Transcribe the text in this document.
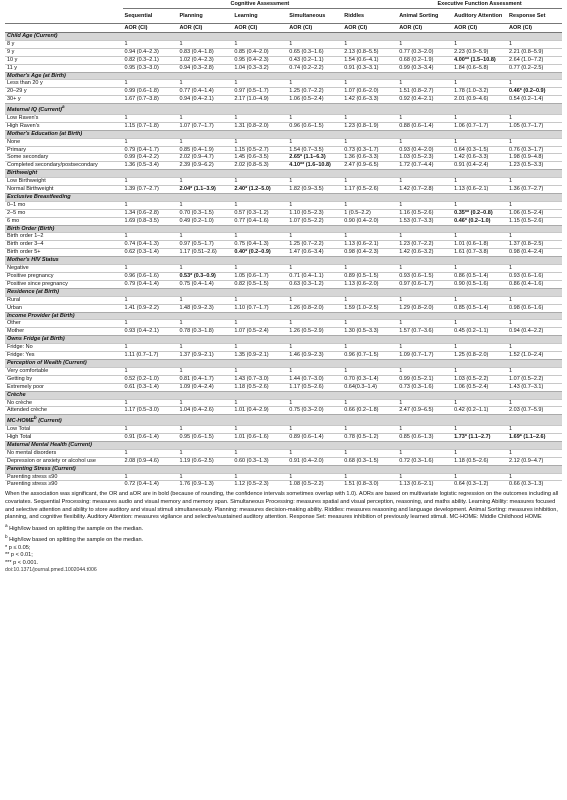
	Cognitive Assessment					Executive Function Assessment		
	Sequential	Planning	Learning	Simultaneous	Riddles	Animal Sorting	Auditory Attention	Response Set
	AOR (CI)	AOR (CI)	AOR (CI)	AOR (CI)	AOR (CI)	AOR (CI)	AOR (CI)	AOR (CI)
Child Age (Current)								
8 y	1	1	1	1	1	1	1	1
9 y	0.94 (0.4–2.3)	0.83 (0.4–1.8)	0.85 (0.4–2.0)	0.65 (0.3–1.6)	2.13 (0.8–5.5)	0.77 (0.3–2.0)	2.23 (0.9–5.9)	2.21 (0.8–5.9)
10 y	0.82 (0.3–2.1)	1.02 (0.4–2.3)	0.95 (0.4–2.3)	0.43 (0.2–1.1)	1.54 (0.6–4.1)	0.68 (0.2–1.9)	4.00** (1.5–10.8)	2.64 (1.0–7.2)
11 y	0.95 (0.3–3.0)	0.94 (0.3–2.8)	1.04 (0.3–3.2)	0.74 (0.2–2.2)	0.91 (0.3–3.1)	0.99 (0.3–3.4)	1.84 (0.6–5.8)	0.77 (0.2–2.5)
Mother's Age (at Birth)								
Less than 20 y	1	1	1	1	1	1	1	1
20–29 y	0.99 (0.6–1.8)	0.77 (0.4–1.4)	0.97 (0.5–1.7)	1.25 (0.7–2.2)	1.07 (0.6–2.0)	1.51 (0.8–2.7)	1.78 (1.0–3.2)	0.46* (0.2–0.9)
30+ y	1.67 (0.7–3.8)	0.94 (0.4–2.1)	2.17 (1.0–4.9)	1.06 (0.5–2.4)	1.42 (0.6–3.3)	0.92 (0.4–2.1)	2.01 (0.9–4.6)	0.54 (0.2–1.4)
Maternal IQ (Current)$^a$
Low Raven's	1	1	1	1	1	1	1	1
High Raven's	1.15 (0.7–1.8)	1.07 (0.7–1.7)	1.31 (0.8–2.0)	0.96 (0.6–1.5)	1.23 (0.8–1.9)	0.88 (0.6–1.4)	1.06 (0.7–1.7)	1.05 (0.7–1.7)
Mother's Education (at Birth)								
None	1	1	1	1	1	1	1	1
Primary	0.79 (0.4–1.7)	0.85 (0.4–1.9)	1.15 (0.5–2.7)	1.54 (0.7–3.5)	0.73 (0.3–1.7)	0.93 (0.4–2.0)	0.64 (0.3–1.5)	0.76 (0.3–1.7)
Some secondary	0.99 (0.4–2.2)	2.02 (0.9–4.7)	1.45 (0.6–3.5)	2.65* (1.1–6.3)	1.36 (0.6–3.3)	1.03 (0.5–2.3)	1.42 (0.6–3.3)	1.98 (0.9–4.8)
Completed secondary/postsecondary	1.36 (0.5–3.4)	2.39 (0.9–6.2)	2.02 (0.8–5.3)	4.10** (1.6–10.8)	2.47 (0.9–6.5)	1.72 (0.7–4.4)	0.91 (0.4–2.4)	1.23 (0.5–3.3)
Birthweight								
Low Birthweight	1	1	1	1	1	1	1	1
Normal Birthweight	1.39 (0.7–2.7)	2.04* (1.1–3.9)	2.40* (1.2–5.0)	1.82 (0.9–3.5)	1.17 (0.5–2.6)	1.42 (0.7–2.8)	1.13 (0.6–2.1)	1.36 (0.7–2.7)
Exclusive Breastfeeding								
0–1 mo	1	1	1	1	1	1	1	1
2–5 mo	1.34 (0.6–2.8)	0.70 (0.3–1.5)	0.57 (0.3–1.2)	1.10 (0.5–2.3)	1 (0.5–2.2)	1.16 (0.5–2.6)	0.35** (0.2–0.8)	1.06 (0.5–2.4)
6 mo	1.69 (0.8–3.5)	0.49 (0.2–1.0)	0.77 (0.4–1.6)	1.07 (0.5–2.2)	0.90 (0.4–2.0)	1.53 (0.7–3.3)	0.46* (0.2–1.0)	1.15 (0.5–2.6)
Birth Order (Birth)								
Birth order 1–2	1	1	1	1	1	1	1	1
Birth order 3–4	0.74 (0.4–1.3)	0.97 (0.5–1.7)	0.75 (0.4–1.3)	1.25 (0.7–2.2)	1.13 (0.6–2.1)	1.23 (0.7–2.2)	1.01 (0.6–1.8)	1.37 (0.8–2.5)
Birth order 5+	0.62 (0.3–1.4)	1.17 (0.51–2.6)	0.40* (0.2–0.9)	1.47 (0.6–3.4)	0.98 (0.4–2.3)	1.42 (0.6–3.2)	1.61 (0.7–3.8)	0.98 (0.4–2.4)
Mother's HIV Status								
Negative	1	1	1	1	1	1	1	1
Positive pregnancy	0.96 (0.6–1.6)	0.53* (0.3–0.9)	1.05 (0.6–1.7)	0.71 (0.4–1.1)	0.89 (0.5–1.5)	0.93 (0.6–1.5)	0.86 (0.5–1.4)	0.93 (0.6–1.6)
Positive since pregnancy	0.79 (0.4–1.4)	0.75 (0.4–1.4)	0.82 (0.5–1.5)	0.63 (0.3–1.2)	1.13 (0.6–2.0)	0.97 (0.6–1.7)	0.90 (0.5–1.6)	0.86 (0.4–1.6)
Residence (at Birth)								
Rural	1	1	1	1	1	1	1	1
Urban	1.41 (0.9–2.2)	1.48 (0.9–2.3)	1.10 (0.7–1.7)	1.26 (0.8–2.0)	1.59 (1.0–2.5)	1.29 (0.8–2.0)	0.85 (0.5–1.4)	0.98 (0.6–1.6)
Income Provider (at Birth)								
Other	1	1	1	1	1	1	1	1
Mother	0.93 (0.4–2.1)	0.78 (0.3–1.8)	1.07 (0.5–2.4)	1.26 (0.5–2.9)	1.30 (0.5–3.3)	1.57 (0.7–3.6)	0.45 (0.2–1.1)	0.94 (0.4–2.2)
Owns Fridge (at Birth)								
Fridge: No	1	1	1	1	1	1	1	1
Fridge: Yes	1.11 (0.7–1.7)	1.37 (0.9–2.1)	1.35 (0.9–2.1)	1.46 (0.9–2.3)	0.96 (0.7–1.5)	1.09 (0.7–1.7)	1.25 (0.8–2.0)	1.52 (1.0–2.4)
Perception of Wealth (Current)								
Very comfortable	1	1	1	1	1	1	1	1
Getting by	0.52 (0.2–1.0)	0.81 (0.4–1.7)	1.43 (0.7–3.0)	1.44 (0.7–3.0)	0.70 (0.3–1.4)	0.99 (0.5–2.1)	1.03 (0.5–2.2)	1.07 (0.5–2.2)
Extremely poor	0.61 (0.3–1.4)	1.09 (0.4–2.4)	1.18 (0.5–2.6)	1.17 (0.5–2.6)	0.64(0.3–1.4)	0.73 (0.3–1.6)	1.06 (0.5–2.4)	1.43 (0.7–3.1)
Crèche								
No crèche	1	1	1	1	1	1	1	1
Attended crèche	1.17 (0.5–3.0)	1.04 (0.4–2.6)	1.01 (0.4–2.9)	0.75 (0.3–2.0)	0.66 (0.2–1.8)	2.47 (0.9–6.5)	0.42 (0.2–1.1)	2.03 (0.7–5.9)
MC-HOME$^b$ (Current)								
Low Total	1	1	1	1	1	1	1	1
High Total	0.91 (0.6–1.4)	0.95 (0.6–1.5)	1.01 (0.6–1.6)	0.89 (0.6–1.4)	0.78 (0.5–1.2)	0.85 (0.6–1.3)	1.73* (1.1–2.7)	1.69* (1.1–2.6)
Maternal Mental Health (Current)								
No mental disorders	1	1	1	1	1	1	1	1
Depression or anxiety or alcohol use	2.08 (0.9–4.6)	1.19 (0.6–2.5)	0.60 (0.3–1.3)	0.91 (0.4–2.0)	0.68 (0.3–1.5)	0.72 (0.3–1.6)	1.18 (0.5–2.6)	2.12 (0.9–4.7)
Parenting Stress (Current)								
Parenting stress ≤90	1	1	1	1	1	1	1	1
Parenting stress ≥90	0.72 (0.4–1.4)	1.76 (0.9–1.3)	1.12 (0.5–2.3)	1.08 (0.5–2.2)	1.51 (0.8–3.0)	1.13 (0.6–2.1)	0.64 (0.3–1.2)	0.66 (0.3–1.3)

When the association was significant, the OR and aOR are in bold (because of rounding, the confidence intervals sometimes overlap with 1.0). AORs are based on multivariate logistic regression on the outcomes including all covariates. Sequential Processing: measures audio and visual memory and memory span. Simultaneous Processing: measures spatial and visual perception, reasoning, and maths ability. Learning Ability: measures focused and selective attention and ability to store auditory and visual stimuli simultaneously. Planning: measures decision-making ability. Riddles: measures reasoning and language development. Animal Sorting: measures inhibition, planning, and cognitive flexibility. Auditory Attention: measures vigilance and selective/sustained auditory attention. Response Set: measures inhibition of previously learned stimuli. MC-HOME: Middle Childhood HOME

$^a$ High/low based on splitting the sample on the median.

$^b$ High/low based on splitting the sample on the median.

* p ≤ 0.05;

** p < 0.01;

*** p < 0.001.

doi:10.1371/journal.pmed.1002044.t006
